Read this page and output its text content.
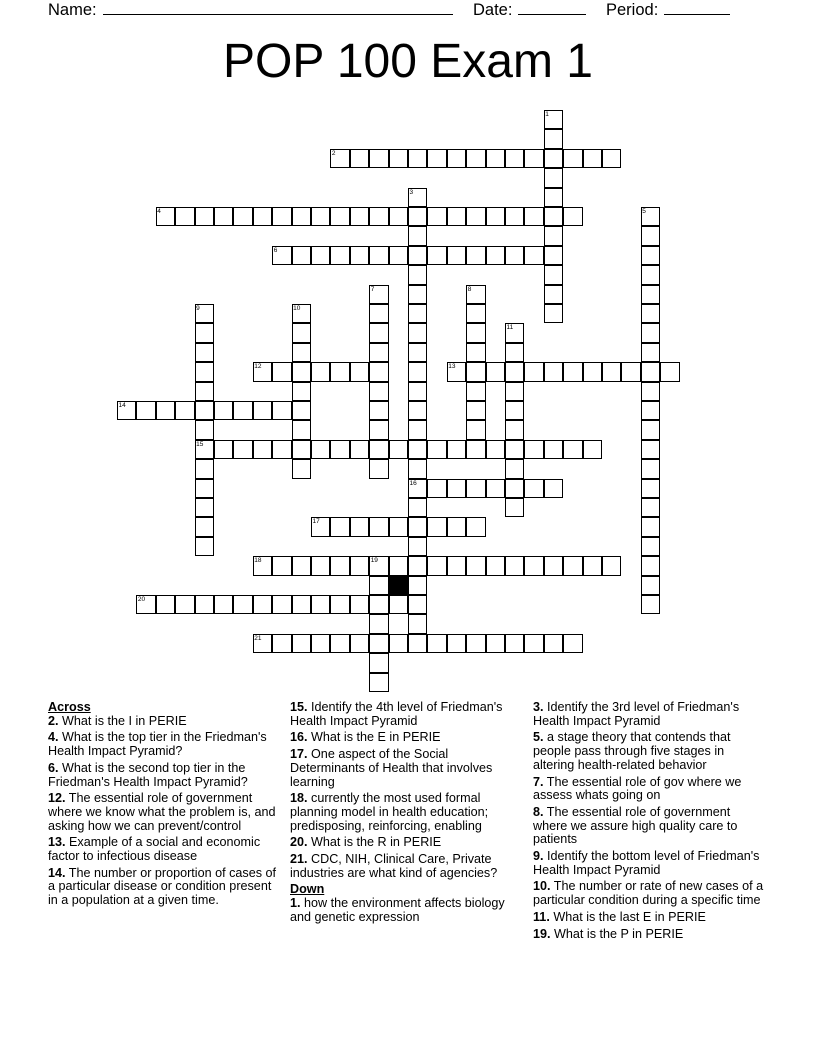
Name:	Date:	Period:
POP 100 Exam 1
1
2
3
4	5
6
7	8
9	10
11
12	13
14
15
16
17
18	19
20
21

Across

2. What is the I in PERIE

4. What is the top tier in the Friedman's Health Impact Pyramid?

6. What is the second top tier in the Friedman's Health Impact Pyramid?

12. The essential role of government where we know what the problem is, and asking how we can prevent/control

13. Example of a social and economic factor to infectious disease

14. The number or proportion of cases of a particular disease or condition present in a population at a given time.

15. Identify the 4th level of Friedman's Health Impact Pyramid

16. What is the E in PERIE

17. One aspect of the Social Determinants of Health that involves learning

18. currently the most used formal planning model in health education; predisposing, reinforcing, enabling

20. What is the R in PERIE

21. CDC, NIH, Clinical Care, Private industries are what kind of agencies?

Down

1. how the environment affects biology and genetic expression

3. Identify the 3rd level of Friedman's Health Impact Pyramid

5. a stage theory that contends that people pass through five stages in altering health-related behavior

7. The essential role of gov where we assess whats going on

8. The essential role of government where we assure high quality care to patients

9. Identify the bottom level of Friedman's Health Impact Pyramid

10. The number or rate of new cases of a particular condition during a specific time

11. What is the last E in PERIE

19. What is the P in PERIE
